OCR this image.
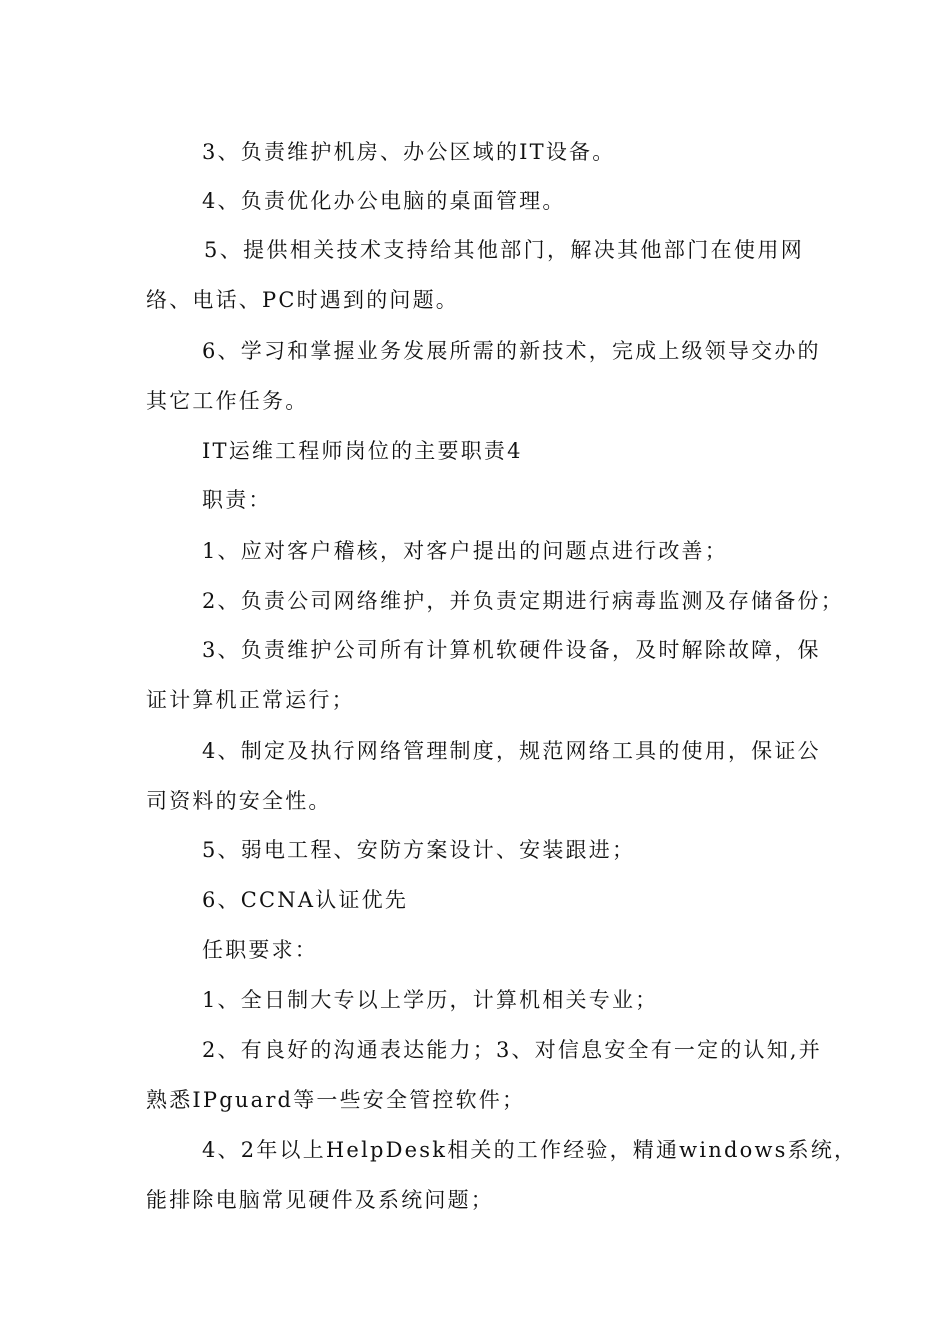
3、负责维护机房、办公区域的IT设备。
4、负责优化办公电脑的桌面管理。
5、提供相关技术支持给其他部门，解决其他部门在使用网
络、电话、PC时遇到的问题。
6、学习和掌握业务发展所需的新技术，完成上级领导交办的
其它工作任务。
IT运维工程师岗位的主要职责4
职责：
1、应对客户稽核，对客户提出的问题点进行改善；
2、负责公司网络维护，并负责定期进行病毒监测及存储备份；
3、负责维护公司所有计算机软硬件设备，及时解除故障，保
证计算机正常运行；
4、制定及执行网络管理制度，规范网络工具的使用，保证公
司资料的安全性。
5、弱电工程、安防方案设计、安装跟进；
6、CCNA认证优先
任职要求：
1、全日制大专以上学历，计算机相关专业；
2、有良好的沟通表达能力；3、对信息安全有一定的认知,并
熟悉IPguard等一些安全管控软件；
4、2年以上HelpDesk相关的工作经验，精通windows系统，
能排除电脑常见硬件及系统问题；
